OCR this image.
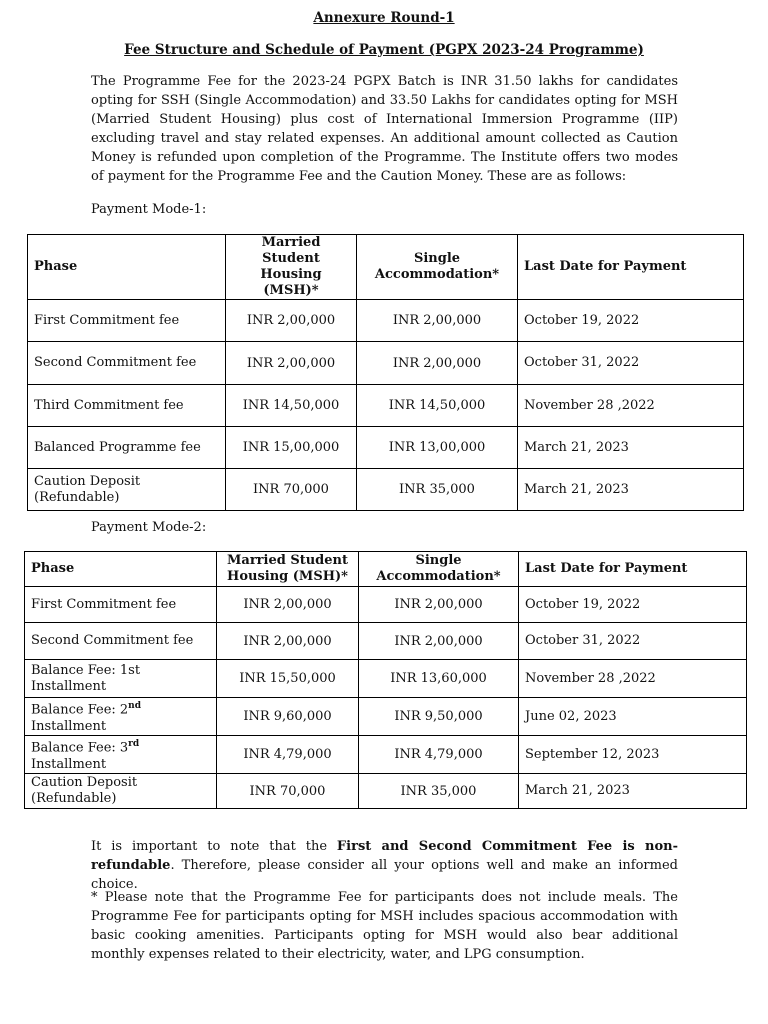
Annexure Round-1
Fee Structure and Schedule of Payment (PGPX 2023-24 Programme)
The Programme Fee for the 2023-24 PGPX Batch is INR 31.50 lakhs for candidates opting for SSH (Single Accommodation) and 33.50 Lakhs for candidates opting for MSH (Married Student Housing) plus cost of International Immersion Programme (IIP) excluding travel and stay related expenses. An additional amount collected as Caution Money is refunded upon completion of the Programme. The Institute offers two modes of payment for the Programme Fee and the Caution Money. These are as follows:
Payment Mode-1:
Phase	Married Student Housing (MSH)*	Single Accommodation*	Last Date for Payment
First Commitment fee	INR 2,00,000	INR 2,00,000	October 19, 2022
Second Commitment fee	INR 2,00,000	INR 2,00,000	October 31, 2022
Third Commitment fee	INR 14,50,000	INR 14,50,000	November 28 ,2022
Balanced Programme fee	INR 15,00,000	INR 13,00,000	March 21, 2023
Caution Deposit (Refundable)	INR 70,000	INR 35,000	March 21, 2023
Payment Mode-2:
Phase	Married Student Housing (MSH)*	Single Accommodation*	Last Date for Payment
First Commitment fee	INR 2,00,000	INR 2,00,000	October 19, 2022
Second Commitment fee	INR 2,00,000	INR 2,00,000	October 31, 2022
Balance Fee: 1st Installment	INR 15,50,000	INR 13,60,000	November 28 ,2022
Balance Fee: 2nd Installment	INR 9,60,000	INR 9,50,000	June 02, 2023
Balance Fee: 3rd Installment	INR 4,79,000	INR 4,79,000	September 12, 2023
Caution Deposit (Refundable)	INR 70,000	INR 35,000	March 21, 2023
It is important to note that the First and Second Commitment Fee is non-refundable. Therefore, please consider all your options well and make an informed choice.
* Please note that the Programme Fee for participants does not include meals. The Programme Fee for participants opting for MSH includes spacious accommodation with basic cooking amenities. Participants opting for MSH would also bear additional monthly expenses related to their electricity, water, and LPG consumption.
